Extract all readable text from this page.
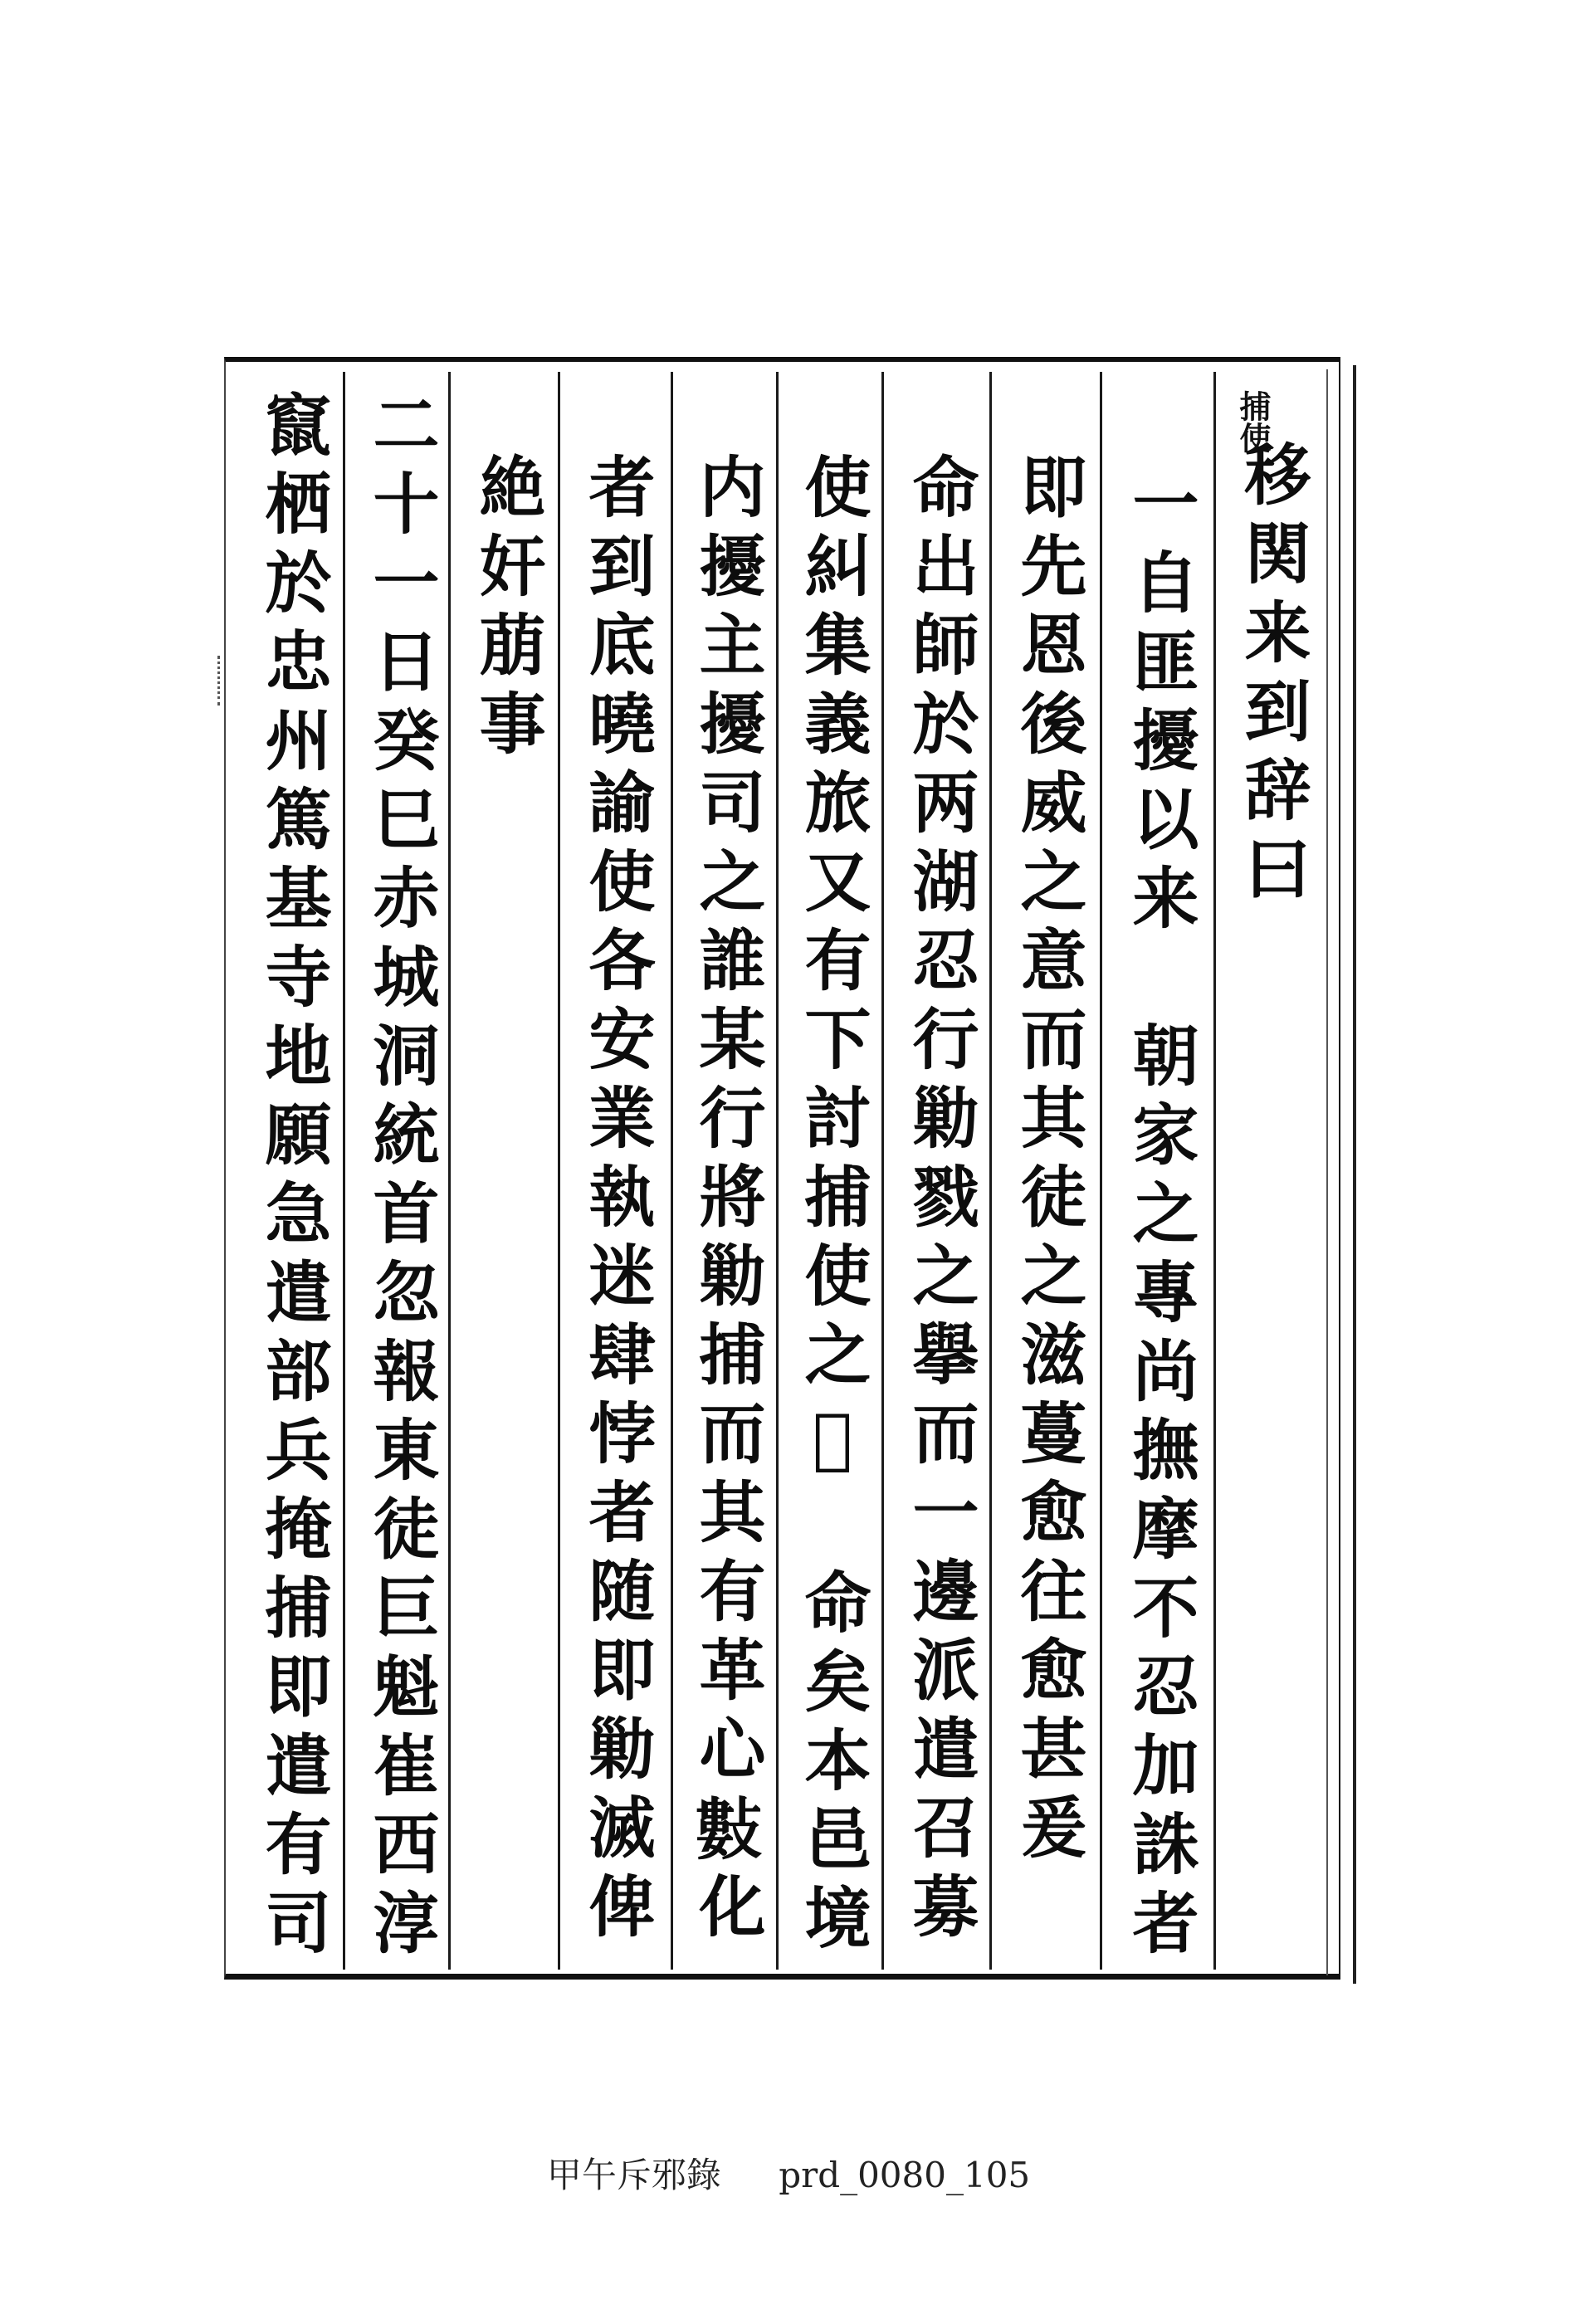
捕使
移関来到辞曰
一自匪擾以来　朝家之專尚撫摩不忍加誅者
即先恩後威之意而其徒之滋蔓愈往愈甚爰
命出師於两湖忍行勦戮之擧而一邊派遣召募
使糾集義旅又有下討捕使之𢧐　命矣本邑境
内擾主擾司之誰某行將勦捕而其有革心𢿘化
者到底曉諭使各安業執迷肆悖者随即勦滅俾
絶奸萠事
二十一日癸巳赤城洞統首忽報東徒巨魁崔西淳
竄栖於忠州篤基寺地願急遣部兵掩捕即遣有司
甲午斥邪錄 prd_0080_105
